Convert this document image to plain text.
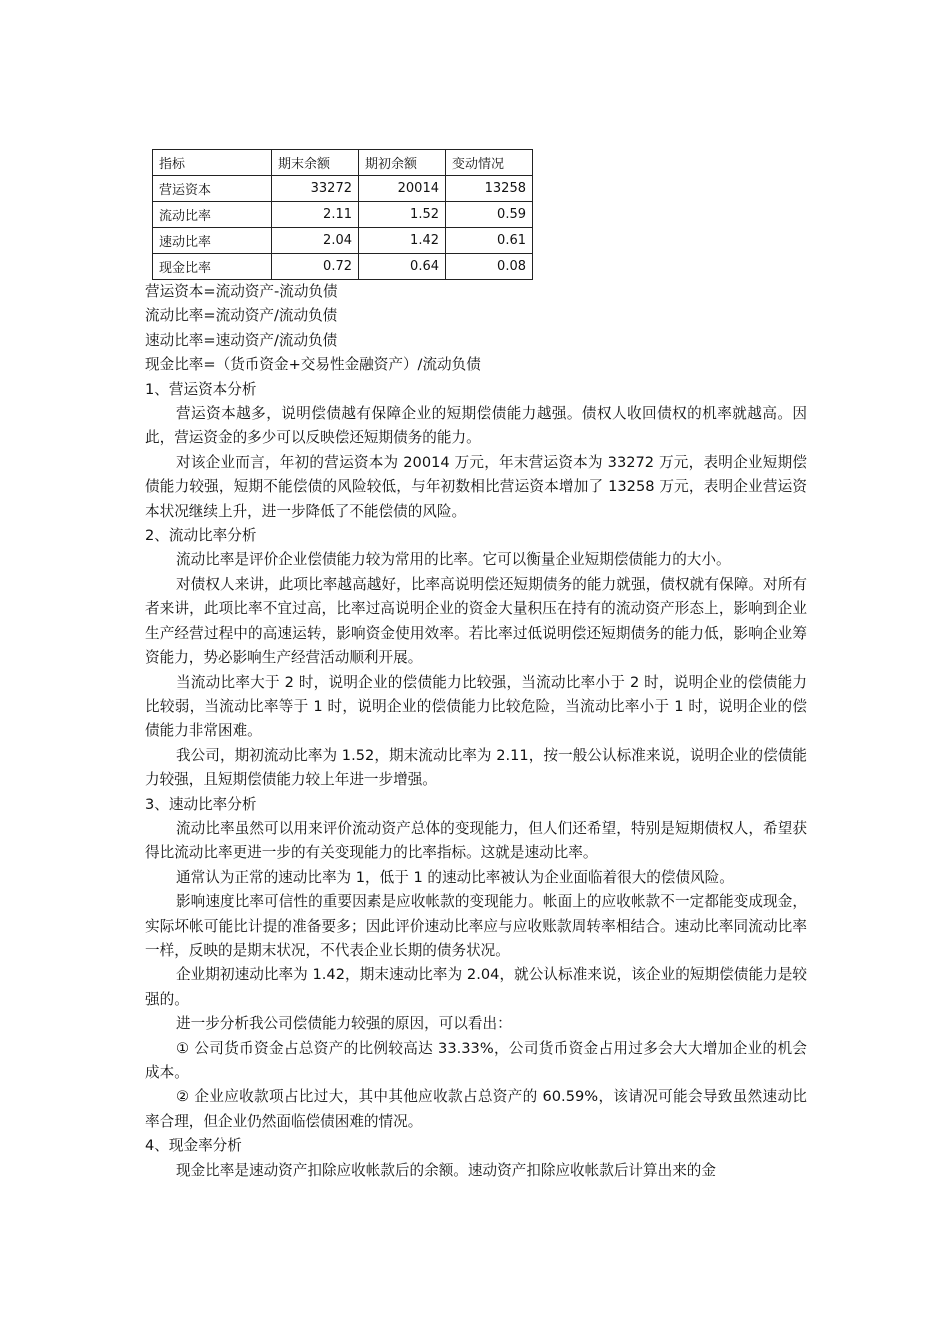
指标	期末余额	期初余额	变动情况
营运资本	33272	20014	13258
流动比率	2.11	1.52	0.59
速动比率	2.04	1.42	0.61
现金比率	0.72	0.64	0.08

营运资本=流动资产-流动负债

流动比率=流动资产/流动负债

速动比率=速动资产/流动负债

现金比率=（货币资金+交易性金融资产）/流动负债

1、营运资本分析

营运资本越多，说明偿债越有保障企业的短期偿债能力越强。债权人收回债权的机率就越高。因此，营运资金的多少可以反映偿还短期债务的能力。

对该企业而言，年初的营运资本为 20014 万元，年末营运资本为 33272 万元，表明企业短期偿债能力较强，短期不能偿债的风险较低，与年初数相比营运资本增加了 13258 万元，表明企业营运资本状况继续上升，进一步降低了不能偿债的风险。

2、流动比率分析

流动比率是评价企业偿债能力较为常用的比率。它可以衡量企业短期偿债能力的大小。

对债权人来讲，此项比率越高越好，比率高说明偿还短期债务的能力就强，债权就有保障。对所有者来讲，此项比率不宜过高，比率过高说明企业的资金大量积压在持有的流动资产形态上，影响到企业生产经营过程中的高速运转，影响资金使用效率。若比率过低说明偿还短期债务的能力低，影响企业筹资能力，势必影响生产经营活动顺利开展。

当流动比率大于 2 时，说明企业的偿债能力比较强，当流动比率小于 2 时，说明企业的偿债能力比较弱，当流动比率等于 1 时，说明企业的偿债能力比较危险，当流动比率小于 1 时，说明企业的偿债能力非常困难。

我公司，期初流动比率为 1.52，期末流动比率为 2.11，按一般公认标准来说，说明企业的偿债能力较强，且短期偿债能力较上年进一步增强。

3、速动比率分析

流动比率虽然可以用来评价流动资产总体的变现能力，但人们还希望，特别是短期债权人，希望获得比流动比率更进一步的有关变现能力的比率指标。这就是速动比率。

通常认为正常的速动比率为 1，低于 1 的速动比率被认为企业面临着很大的偿债风险。

影响速度比率可信性的重要因素是应收帐款的变现能力。帐面上的应收帐款不一定都能变成现金，实际坏帐可能比计提的准备要多；因此评价速动比率应与应收账款周转率相结合。速动比率同流动比率一样，反映的是期末状况，不代表企业长期的债务状况。

企业期初速动比率为 1.42，期末速动比率为 2.04，就公认标准来说，该企业的短期偿债能力是较强的。

进一步分析我公司偿债能力较强的原因，可以看出：

① 公司货币资金占总资产的比例较高达 33.33%，公司货币资金占用过多会大大增加企业的机会成本。

② 企业应收款项占比过大，其中其他应收款占总资产的 60.59%，该请况可能会导致虽然速动比率合理，但企业仍然面临偿债困难的情况。

4、现金率分析

现金比率是速动资产扣除应收帐款后的余额。速动资产扣除应收帐款后计算出来的金
